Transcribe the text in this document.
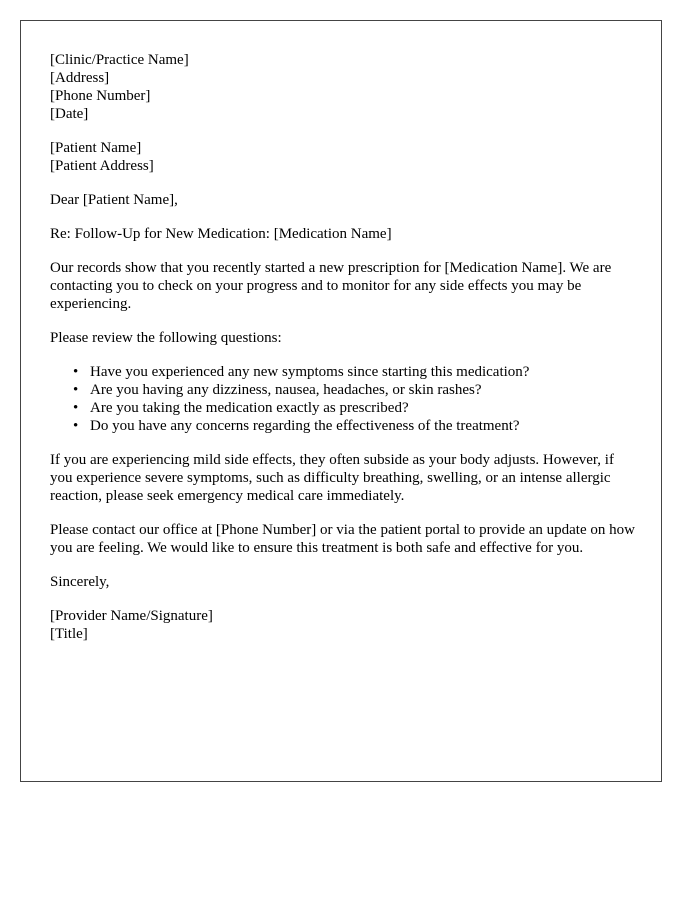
[Clinic/Practice Name]
[Address]
[Phone Number]
[Date]
[Patient Name]
[Patient Address]

Dear [Patient Name],

Re: Follow-Up for New Medication: [Medication Name]

Our records show that you recently started a new prescription for [Medication Name]. We are contacting you to check on your progress and to monitor for any side effects you may be experiencing.

Please review the following questions:

• Have you experienced any new symptoms since starting this medication?
• Are you having any dizziness, nausea, headaches, or skin rashes?
• Are you taking the medication exactly as prescribed?
• Do you have any concerns regarding the effectiveness of the treatment?

If you are experiencing mild side effects, they often subside as your body adjusts. However, if you experience severe symptoms, such as difficulty breathing, swelling, or an intense allergic reaction, please seek emergency medical care immediately.

Please contact our office at [Phone Number] or via the patient portal to provide an update on how you are feeling. We would like to ensure this treatment is both safe and effective for you.

Sincerely,

[Provider Name/Signature]
[Title]
